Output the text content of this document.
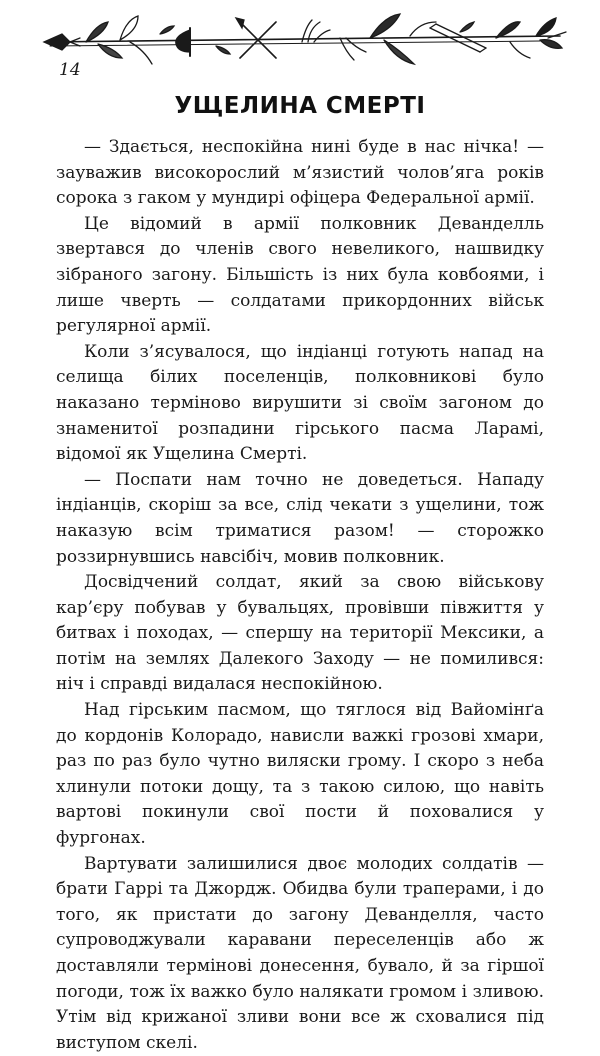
14
УЩЕЛИНА СМЕРТІ

— Здається, неспокійна нині буде в нас нічка! — зауважив високорослий м’язистий чолов’яга років сорока з гаком у мундирі офіцера Федеральної армії.

Це відомий в армії полковник Деванделль звертався до членів свого невеликого, нашвидку зібраного загону. Більшість із них була ковбоями, і лише чверть — солдатами прикордонних військ регулярної армії.

Коли з’ясувалося, що індіанці готують напад на селища білих поселенців, полковникові було наказано терміново вирушити зі своїм загоном до знаменитої розпадини гірського пасма Ларамі, відомої як Ущелина Смерті.

— Поспати нам точно не доведеться. Нападу індіанців, скоріш за все, слід чекати з ущелини, тож наказую всім триматися разом! — сторожко роззирнувшись навсібіч, мовив полковник.

Досвідчений солдат, який за свою військову кар’єру побував у бувальцях, провівши півжиття у битвах і походах, — спершу на території Мексики, а потім на землях Далекого Заходу — не помилився: ніч і справді видалася неспокійною.

Над гірським пасмом, що тяглося від Вайомінґа до кордонів Колорадо, нависли важкі грозові хмари, раз по раз було чутно виляски грому. І скоро з неба хлинули потоки дощу, та з такою силою, що навіть вартові покинули свої пости й поховалися у фургонах.

Вартувати залишилися двоє молодих солдатів — брати Гаррі та Джордж. Обидва були траперами, і до того, як пристати до загону Деванделля, часто супроводжували каравани переселенців або ж доставляли термінові донесення, бувало, й за гіршої погоди, тож їх важко було налякати громом і зливою. Утім від крижаної зливи вони все ж сховалися під виступом скелі.
